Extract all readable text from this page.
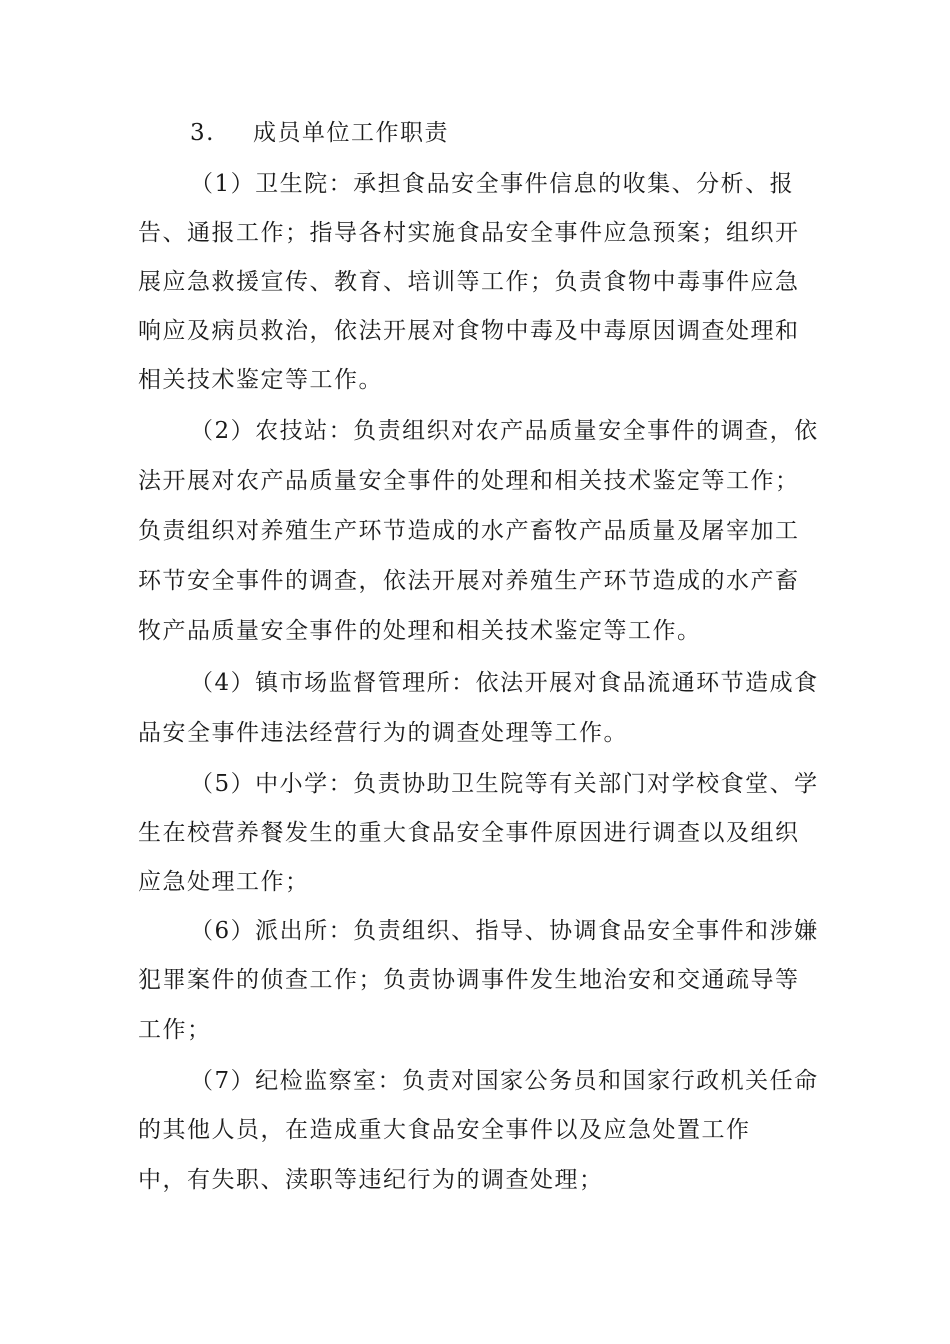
3. 成员单位工作职责
（1）卫生院：承担食品安全事件信息的收集、分析、报
告、通报工作；指导各村实施食品安全事件应急预案；组织开
展应急救援宣传、教育、培训等工作；负责食物中毒事件应急
响应及病员救治，依法开展对食物中毒及中毒原因调查处理和
相关技术鉴定等工作。
（2）农技站：负责组织对农产品质量安全事件的调查，依
法开展对农产品质量安全事件的处理和相关技术鉴定等工作；
负责组织对养殖生产环节造成的水产畜牧产品质量及屠宰加工
环节安全事件的调查，依法开展对养殖生产环节造成的水产畜
牧产品质量安全事件的处理和相关技术鉴定等工作。
（4）镇市场监督管理所：依法开展对食品流通环节造成食
品安全事件违法经营行为的调查处理等工作。
（5）中小学：负责协助卫生院等有关部门对学校食堂、学
生在校营养餐发生的重大食品安全事件原因进行调查以及组织
应急处理工作；
（6）派出所：负责组织、指导、协调食品安全事件和涉嫌
犯罪案件的侦查工作；负责协调事件发生地治安和交通疏导等
工作；
（7）纪检监察室：负责对国家公务员和国家行政机关任命
的其他人员，在造成重大食品安全事件以及应急处置工作
中，有失职、渎职等违纪行为的调查处理；
